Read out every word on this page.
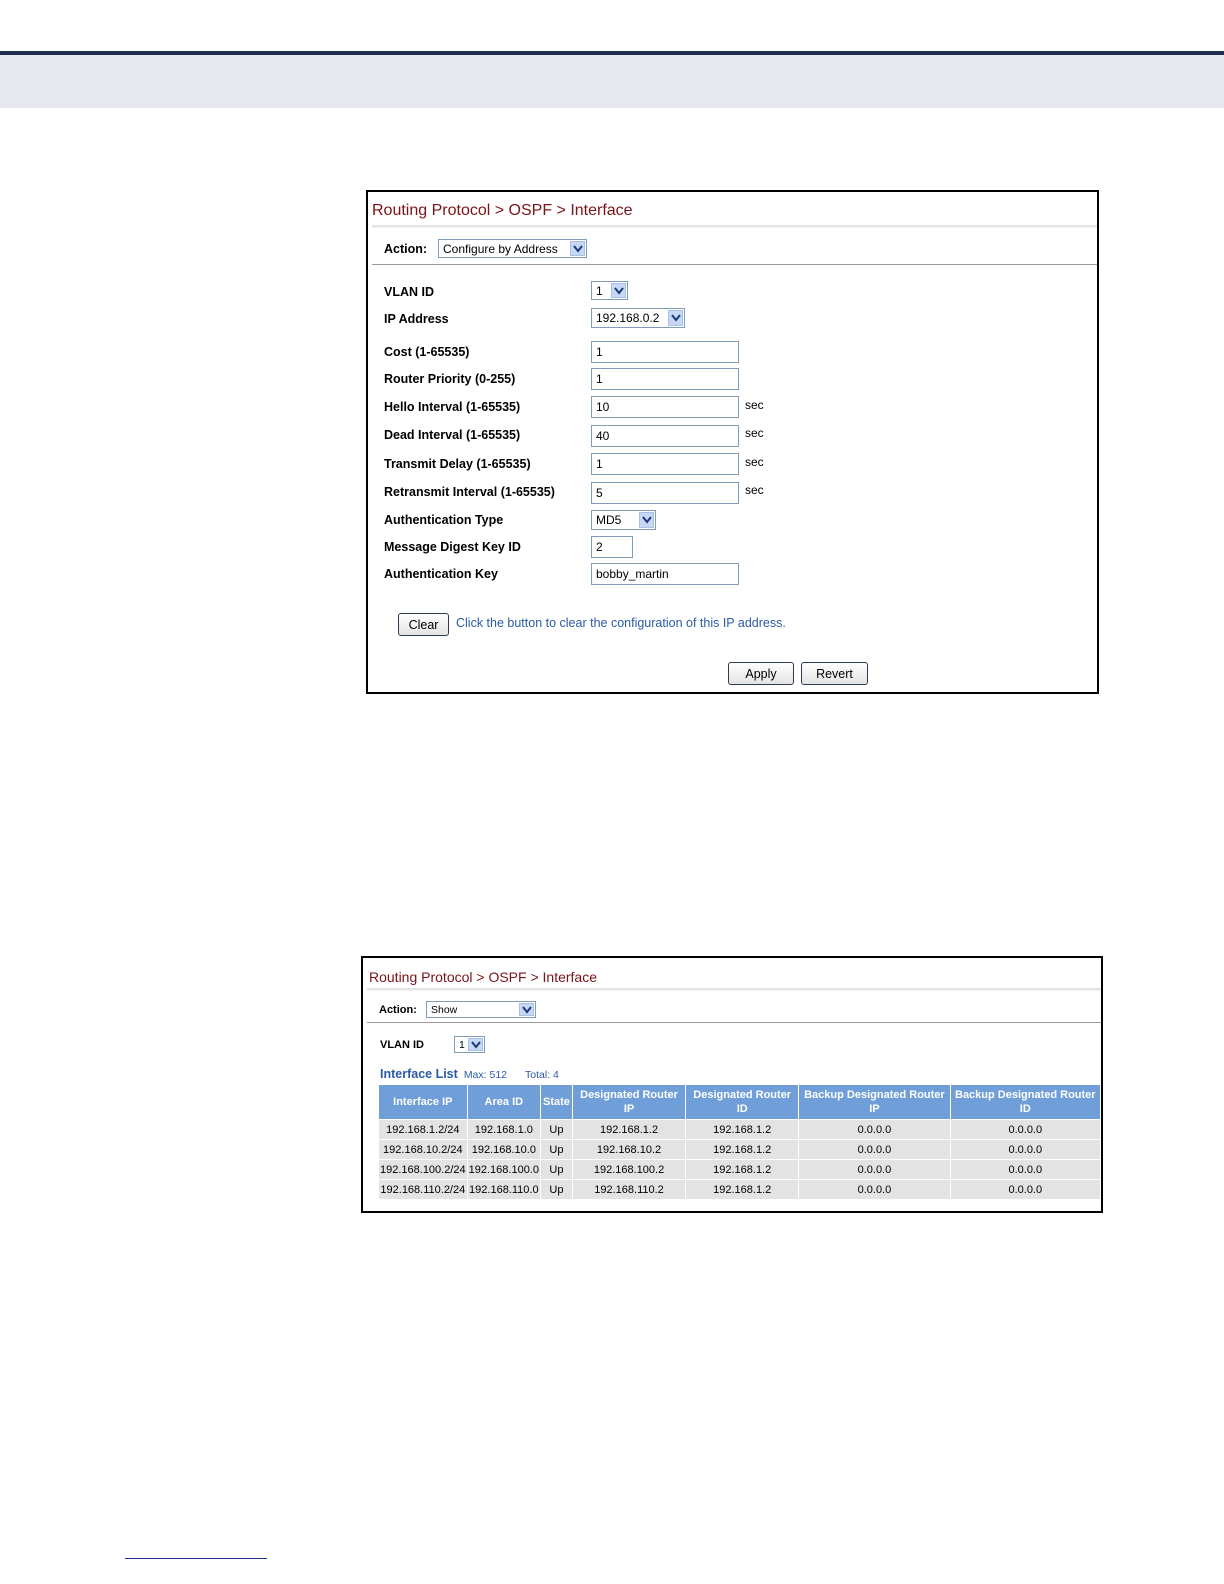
Routing Protocol > OSPF > Interface
Action: Configure by Address
VLAN ID	1
IP Address	192.168.0.2
Cost (1-65535)	1
Router Priority (0-255)	1
Hello Interval (1-65535)	10	sec
Dead Interval (1-65535)	40	sec
Transmit Delay (1-65535)	1	sec
Retransmit Interval (1-65535)	5	sec
Authentication Type	MD5
Message Digest Key ID	2
Authentication Key	bobby_martin
Clear	Click the button to clear the configuration of this IP address.
Apply	Revert
Routing Protocol > OSPF > Interface
Action: Show
VLAN ID	1
Interface List Max: 512 Total: 4
Interface IP	Area ID	State	Designated Router IP	Designated Router ID	Backup Designated Router IP	Backup Designated Router ID
192.168.1.2/24	192.168.1.0	Up	192.168.1.2	192.168.1.2	0.0.0.0	0.0.0.0
192.168.10.2/24	192.168.10.0	Up	192.168.10.2	192.168.1.2	0.0.0.0	0.0.0.0
192.168.100.2/24	192.168.100.0	Up	192.168.100.2	192.168.1.2	0.0.0.0	0.0.0.0
192.168.110.2/24	192.168.110.0	Up	192.168.110.2	192.168.1.2	0.0.0.0	0.0.0.0
